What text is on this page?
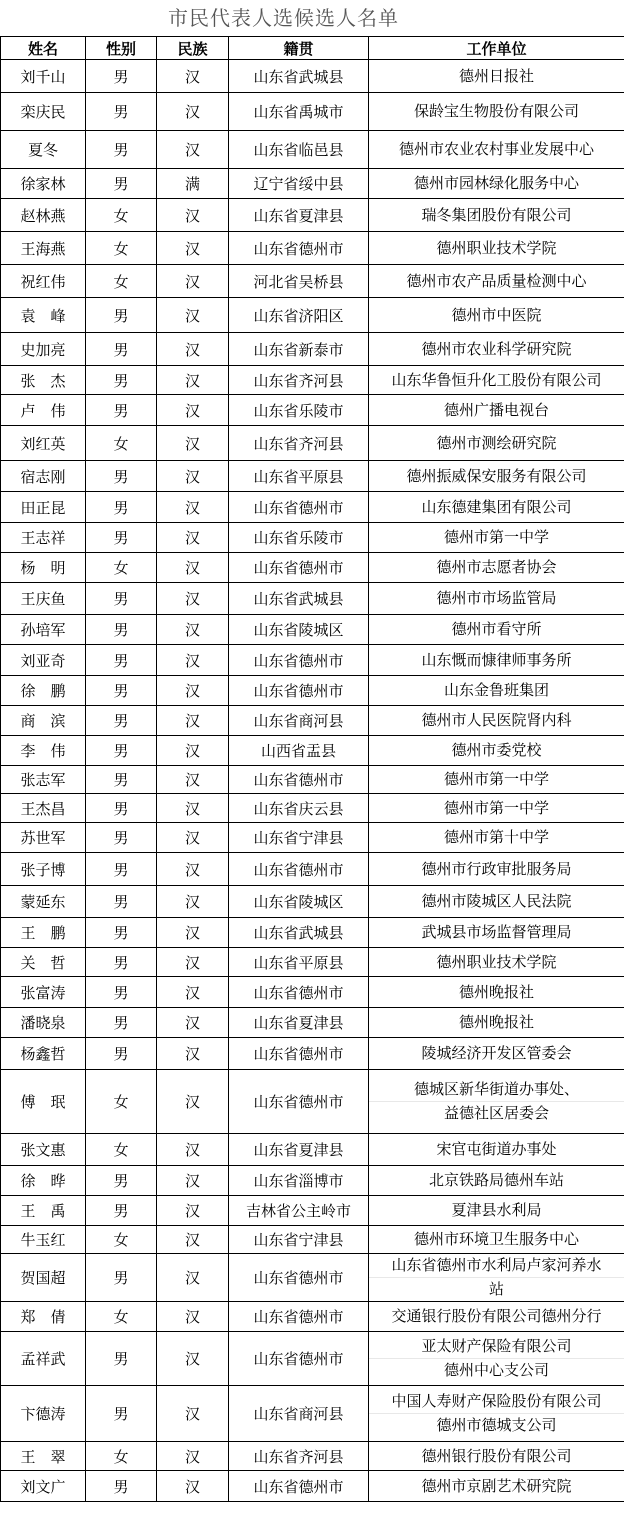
市民代表人选候选人名单
姓名	性别	民族	籍贯	工作单位
刘千山	男	汉	山东省武城县	德州日报社

栾庆民	男	汉	山东省禹城市	保龄宝生物股份有限公司

夏冬	男	汉	山东省临邑县	德州市农业农村事业发展中心

徐家林	男	满	辽宁省绥中县	德州市园林绿化服务中心

赵林燕	女	汉	山东省夏津县	瑞冬集团股份有限公司

王海燕	女	汉	山东省德州市	德州职业技术学院

祝红伟	女	汉	河北省吴桥县	德州市农产品质量检测中心

袁　峰	男	汉	山东省济阳区	德州市中医院

史加亮	男	汉	山东省新泰市	德州市农业科学研究院

张　杰	男	汉	山东省齐河县	山东华鲁恒升化工股份有限公司

卢　伟	男	汉	山东省乐陵市	德州广播电视台

刘红英	女	汉	山东省齐河县	德州市测绘研究院

宿志刚	男	汉	山东省平原县	德州振威保安服务有限公司

田正昆	男	汉	山东省德州市	山东德建集团有限公司

王志祥	男	汉	山东省乐陵市	德州市第一中学

杨　明	女	汉	山东省德州市	德州市志愿者协会

王庆鱼	男	汉	山东省武城县	德州市市场监管局

孙培军	男	汉	山东省陵城区	德州市看守所

刘亚奇	男	汉	山东省德州市	山东慨而慷律师事务所

徐　鹏	男	汉	山东省德州市	山东金鲁班集团

商　滨	男	汉	山东省商河县	德州市人民医院肾内科

李　伟	男	汉	山西省盂县	德州市委党校

张志军	男	汉	山东省德州市	德州市第一中学

王杰昌	男	汉	山东省庆云县	德州市第一中学

苏世军	男	汉	山东省宁津县	德州市第十中学

张子博	男	汉	山东省德州市	德州市行政审批服务局

蒙延东	男	汉	山东省陵城区	德州市陵城区人民法院

王　鹏	男	汉	山东省武城县	武城县市场监督管理局

关　哲	男	汉	山东省平原县	德州职业技术学院

张富涛	男	汉	山东省德州市	德州晚报社

潘晓泉	男	汉	山东省夏津县	德州晚报社

杨鑫哲	男	汉	山东省德州市	陵城经济开发区管委会

傅　珉	女	汉	山东省德州市	德城区新华街道办事处、
益德社区居委会

张文惠	女	汉	山东省夏津县	宋官屯街道办事处

徐　晔	男	汉	山东省淄博市	北京铁路局德州车站

王　禹	男	汉	吉林省公主岭市	夏津县水利局

牛玉红	女	汉	山东省宁津县	德州市环境卫生服务中心

贺国超	男	汉	山东省德州市	山东省德州市水利局卢家河养水
站

郑　倩	女	汉	山东省德州市	交通银行股份有限公司德州分行

孟祥武	男	汉	山东省德州市	亚太财产保险有限公司
德州中心支公司

卞德涛	男	汉	山东省商河县	中国人寿财产保险股份有限公司
德州市德城支公司

王　翠	女	汉	山东省齐河县	德州银行股份有限公司

刘文广	男	汉	山东省德州市	德州市京剧艺术研究院
